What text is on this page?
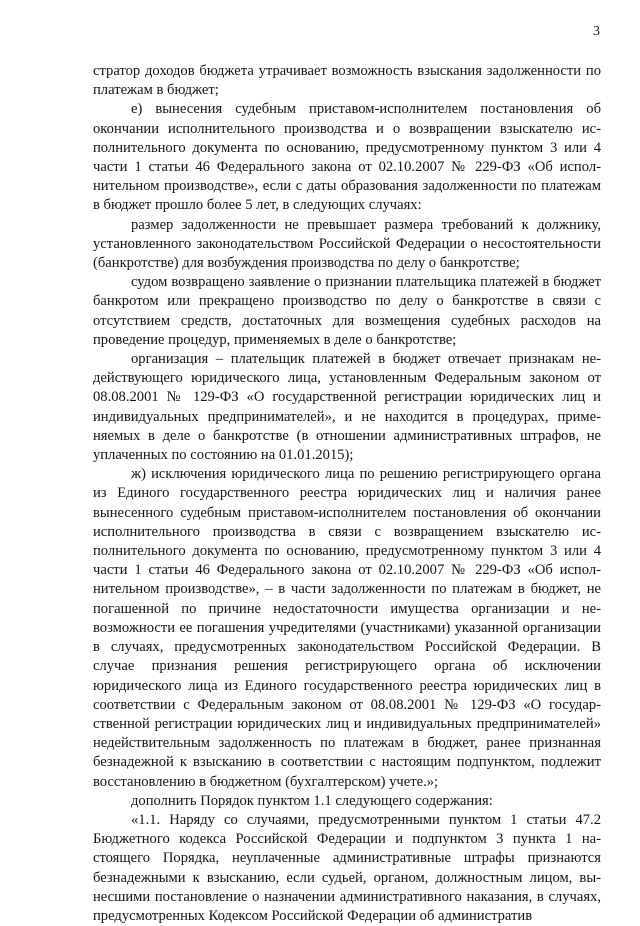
3

стратор доходов бюджета утрачивает возможность взыскания задолженности по платежам в бюджет;

е) вынесения судебным приставом-исполнителем постановления об окончании исполнительного производства и о возвращении взыскателю исполнительного документа по основанию, предусмотренному пунктом 3 или 4 части 1 статьи 46 Федерального закона от 02.10.2007 № 229-ФЗ «Об исполнительном производстве», если с даты образования задолженности по платежам в бюджет прошло более 5 лет, в следующих случаях:

размер задолженности не превышает размера требований к должнику, установленного законодательством Российской Федерации о несостоятельности (банкротстве) для возбуждения производства по делу о банкротстве;

судом возвращено заявление о признании плательщика платежей в бюджет банкротом или прекращено производство по делу о банкротстве в связи с отсутствием средств, достаточных для возмещения судебных расходов на проведение процедур, применяемых в деле о банкротстве;

организация – плательщик платежей в бюджет отвечает признакам недействующего юридического лица, установленным Федеральным законом от 08.08.2001 № 129-ФЗ «О государственной регистрации юридических лиц и индивидуальных предпринимателей», и не находится в процедурах, применяемых в деле о банкротстве (в отношении административных штрафов, не уплаченных по состоянию на 01.01.2015);

ж) исключения юридического лица по решению регистрирующего органа из Единого государственного реестра юридических лиц и наличия ранее вынесенного судебным приставом-исполнителем постановления об окончании исполнительного производства в связи с возвращением взыскателю исполнительного документа по основанию, предусмотренному пунктом 3 или 4 части 1 статьи 46 Федерального закона от 02.10.2007 № 229-ФЗ «Об исполнительном производстве», – в части задолженности по платежам в бюджет, не погашенной по причине недостаточности имущества организации и невозможности ее погашения учредителями (участниками) указанной организации в случаях, предусмотренных законодательством Российской Федерации. В случае признания решения регистрирующего органа об исключении юридического лица из Единого государственного реестра юридических лиц в соответствии с Федеральным законом от 08.08.2001 № 129-ФЗ «О государственной регистрации юридических лиц и индивидуальных предпринимателей» недействительным задолженность по платежам в бюджет, ранее признанная безнадежной к взысканию в соответствии с настоящим подпунктом, подлежит восстановлению в бюджетном (бухгалтерском) учете.»;

дополнить Порядок пунктом 1.1 следующего содержания:

«1.1. Наряду со случаями, предусмотренными пунктом 1 статьи 47.2 Бюджетного кодекса Российской Федерации и подпунктом 3 пункта 1 настоящего Порядка, неуплаченные административные штрафы признаются безнадежными к взысканию, если судьей, органом, должностным лицом, вынесшими постановление о назначении административного наказания, в случаях, предусмотренных Кодексом Российской Федерации об административ
